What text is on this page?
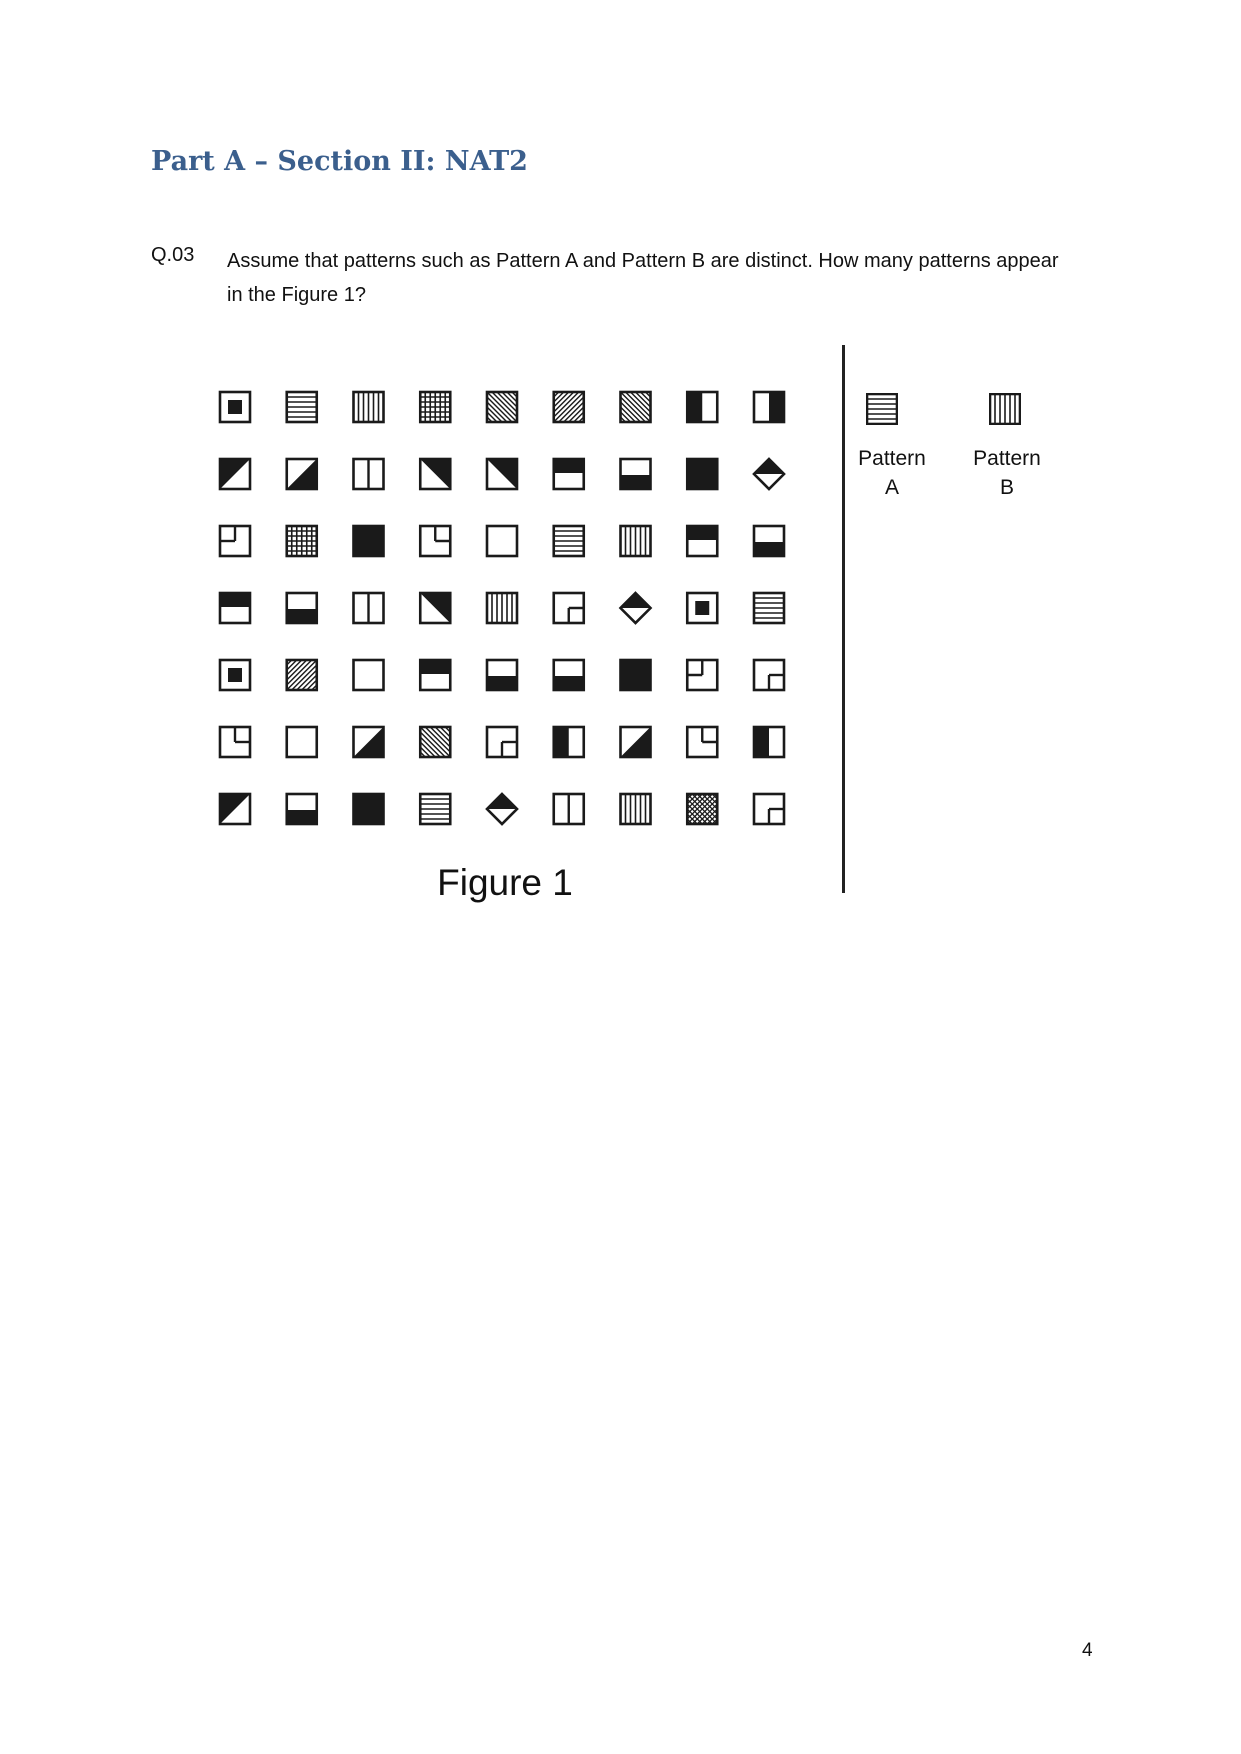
Part A – Section II: NAT2
Q.03 Assume that patterns such as Pattern A and Pattern B are distinct. How many patterns appear in the Figure 1?
Figure 1
Pattern
A
Pattern
B
4
